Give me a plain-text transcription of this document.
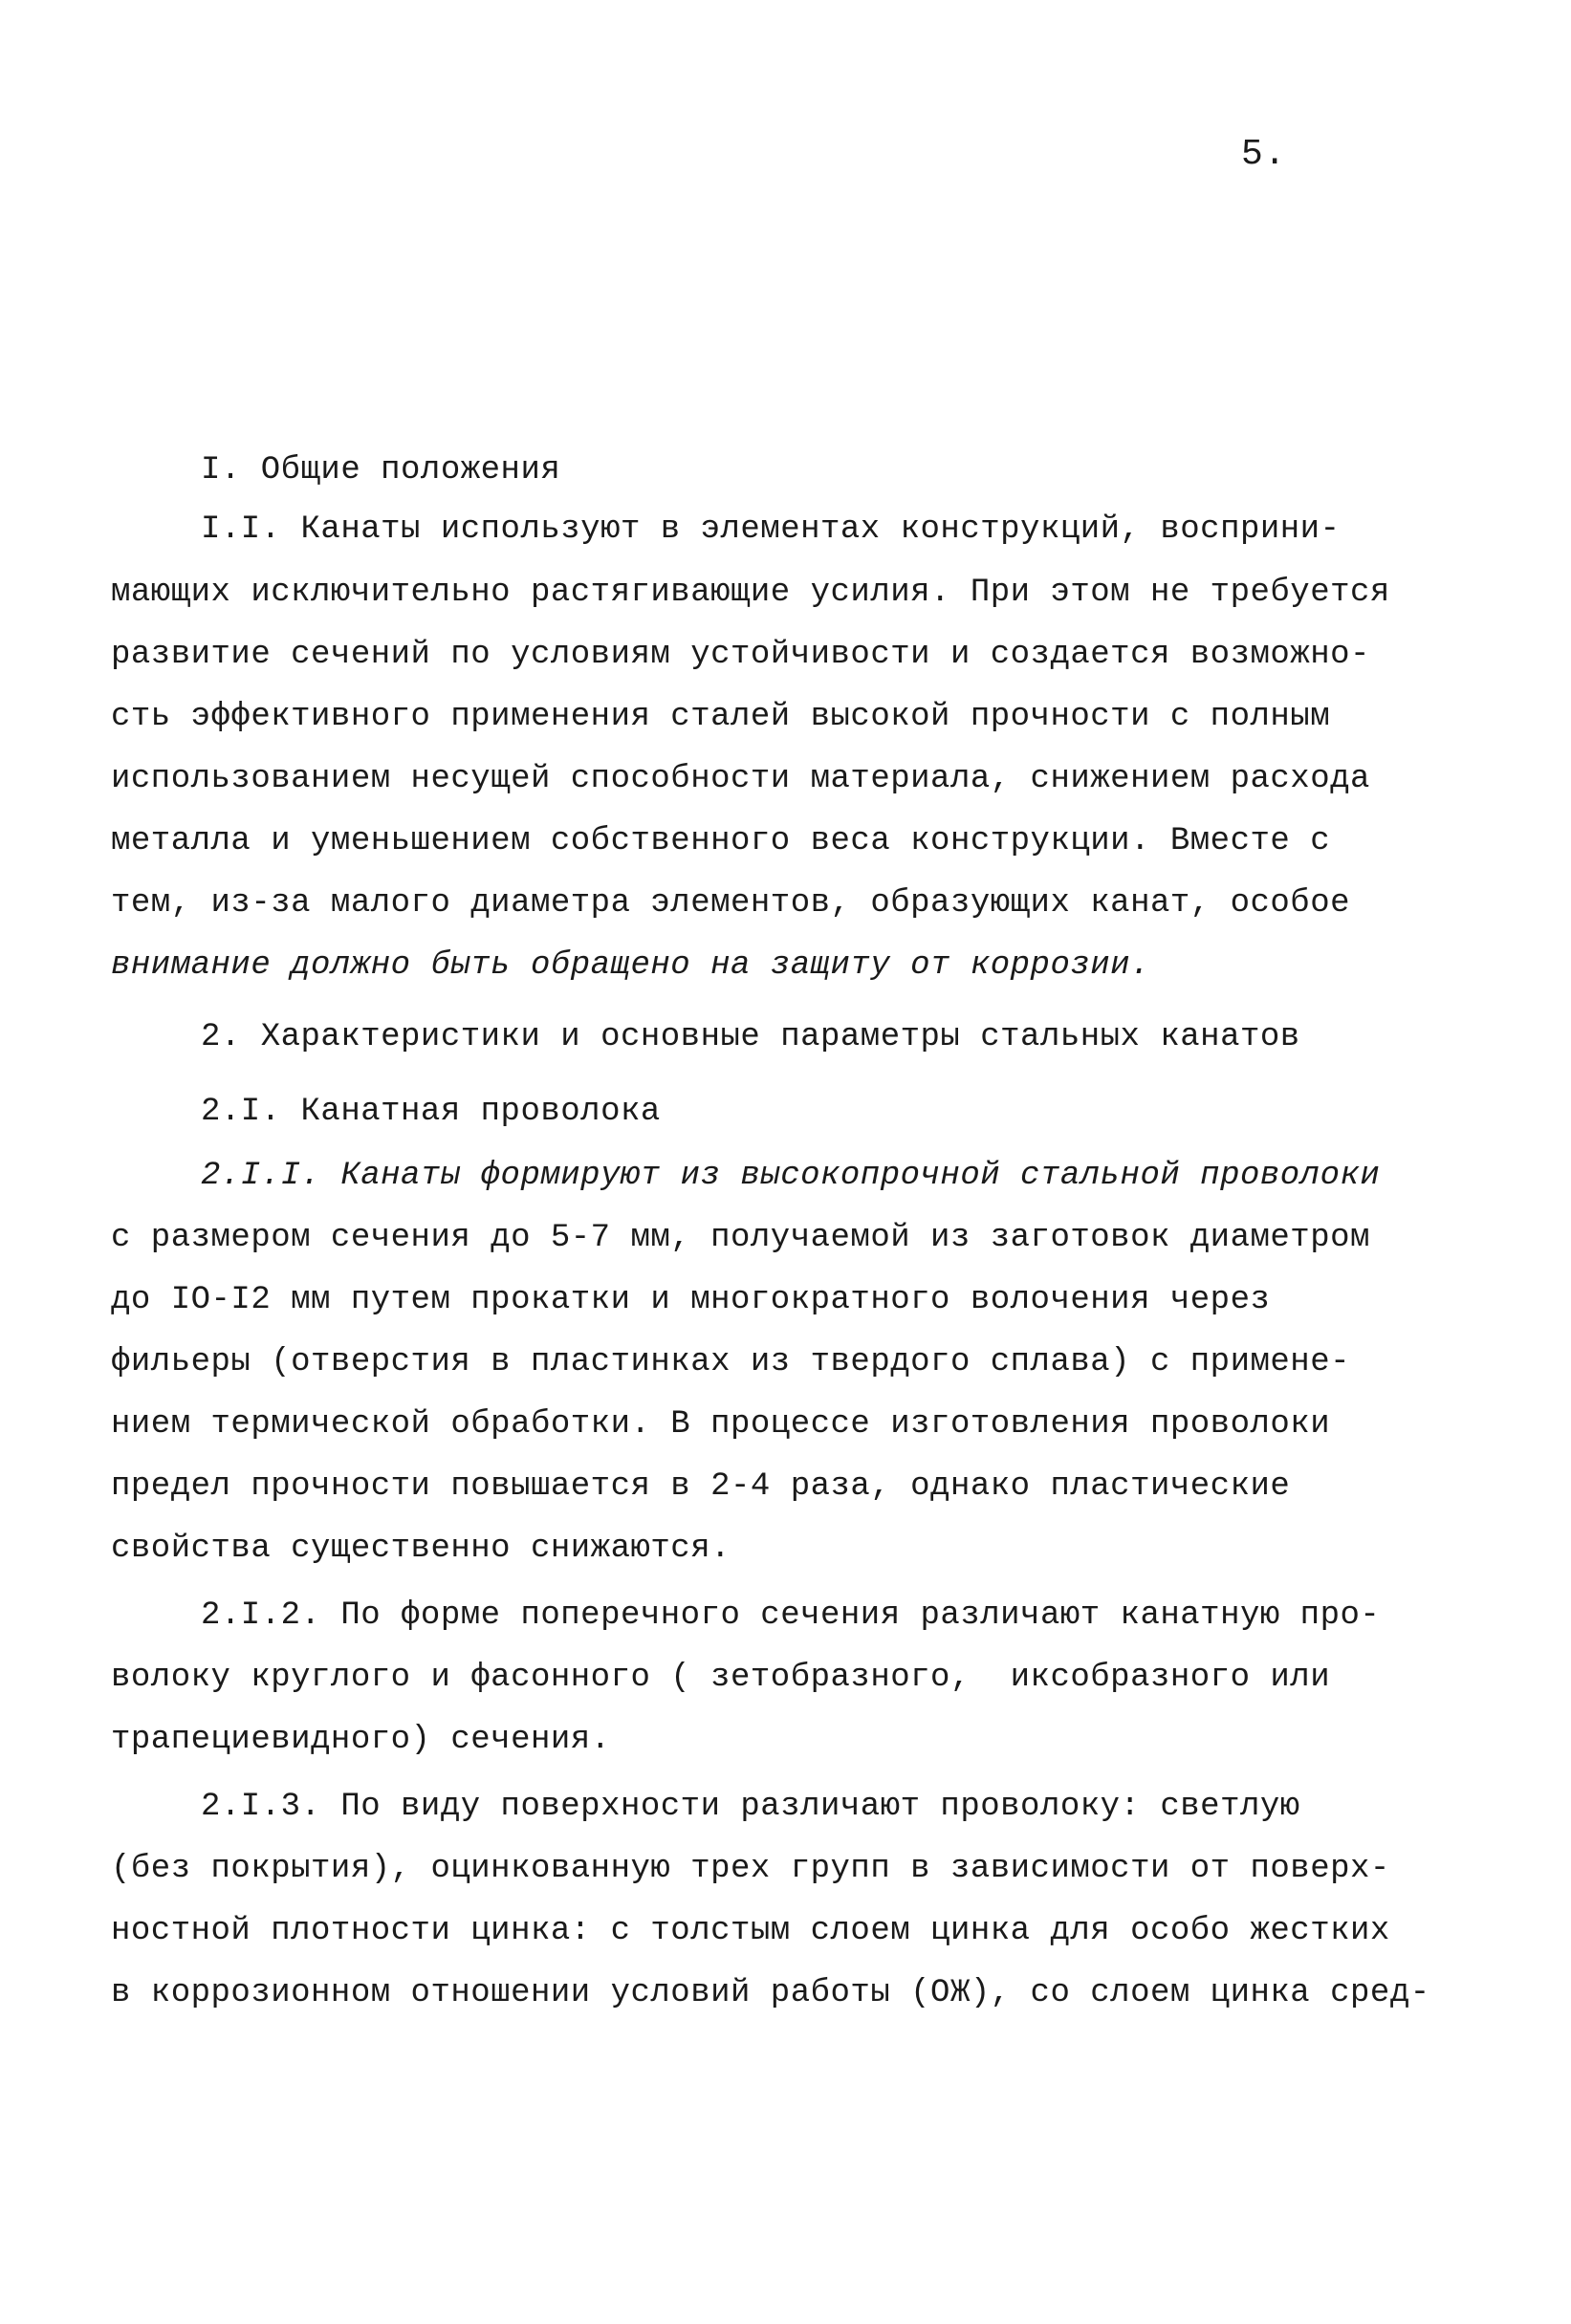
5.
I. Общие положения
I.I. Канаты используют в элементах конструкций, восприни-
мающих исключительно растягивающие усилия. При этом не требуется
развитие сечений по условиям устойчивости и создается возможно-
сть эффективного применения сталей высокой прочности с полным
использованием несущей способности материала, снижением расхода
металла и уменьшением собственного веса конструкции. Вместе с
тем, из-за малого диаметра элементов, образующих канат, особое
внимание должно быть обращено на защиту от коррозии.
2. Характеристики и основные параметры стальных канатов
2.I. Канатная проволока
2.I.I. Канаты формируют из высокопрочной стальной проволоки
с размером сечения до 5-7 мм, получаемой из заготовок диаметром
до IO-I2 мм путем прокатки и многократного волочения через
фильеры (отверстия в пластинках из твердого сплава) с примене-
нием термической обработки. В процессе изготовления проволоки
предел прочности повышается в 2-4 раза, однако пластические
свойства существенно снижаются.
2.I.2. По форме поперечного сечения различают канатную про-
волоку круглого и фасонного ( зетобразного,  иксобразного или
трапециевидного) сечения.
2.I.3. По виду поверхности различают проволоку: светлую
(без покрытия), оцинкованную трех групп в зависимости от поверх-
ностной плотности цинка: с толстым слоем цинка для особо жестких
в коррозионном отношении условий работы (ОЖ), со слоем цинка сред-
